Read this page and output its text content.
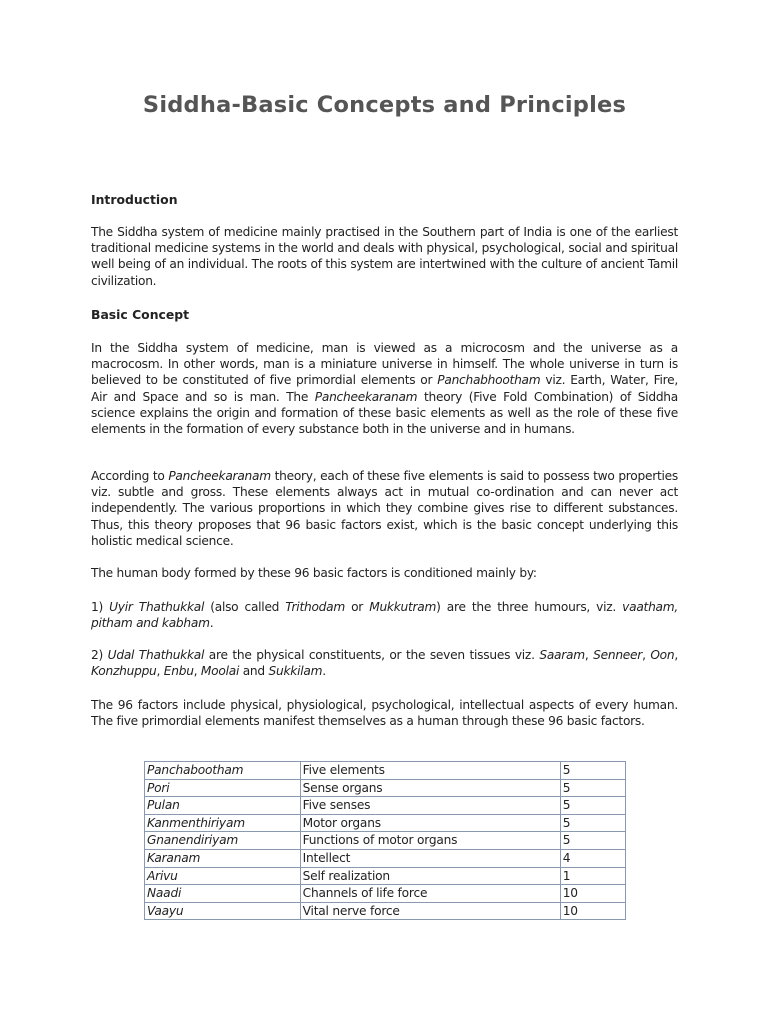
Siddha-Basic Concepts and Principles
Introduction

The Siddha system of medicine mainly practised in the Southern part of India is one of the earliest traditional medicine systems in the world and deals with physical, psychological, social and spiritual well being of an individual. The roots of this system are intertwined with the culture of ancient Tamil civilization.

Basic Concept

In the Siddha system of medicine, man is viewed as a microcosm and the universe as a macrocosm. In other words, man is a miniature universe in himself. The whole universe in turn is believed to be constituted of five primordial elements or Panchabhootham viz. Earth, Water, Fire, Air and Space and so is man. The Pancheekaranam theory (Five Fold Combination) of Siddha science explains the origin and formation of these basic elements as well as the role of these five elements in the formation of every substance both in the universe and in humans.

According to Pancheekaranam theory, each of these five elements is said to possess two properties viz. subtle and gross. These elements always act in mutual co-ordination and can never act independently. The various proportions in which they combine gives rise to different substances. Thus, this theory proposes that 96 basic factors exist, which is the basic concept underlying this holistic medical science.

The human body formed by these 96 basic factors is conditioned mainly by:

1) Uyir Thathukkal (also called Trithodam or Mukkutram) are the three humours, viz. vaatham, pitham and kabham.

2) Udal Thathukkal are the physical constituents, or the seven tissues viz. Saaram, Senneer, Oon, Konzhuppu, Enbu, Moolai and Sukkilam.

The 96 factors include physical, physiological, psychological, intellectual aspects of every human. The five primordial elements manifest themselves as a human through these 96 basic factors.

Panchabootham	Five elements	5
Pori	Sense organs	5
Pulan	Five senses	5
Kanmenthiriyam	Motor organs	5
Gnanendiriyam	Functions of motor organs	5
Karanam	Intellect	4
Arivu	Self realization	1
Naadi	Channels of life force	10
Vaayu	Vital nerve force	10
